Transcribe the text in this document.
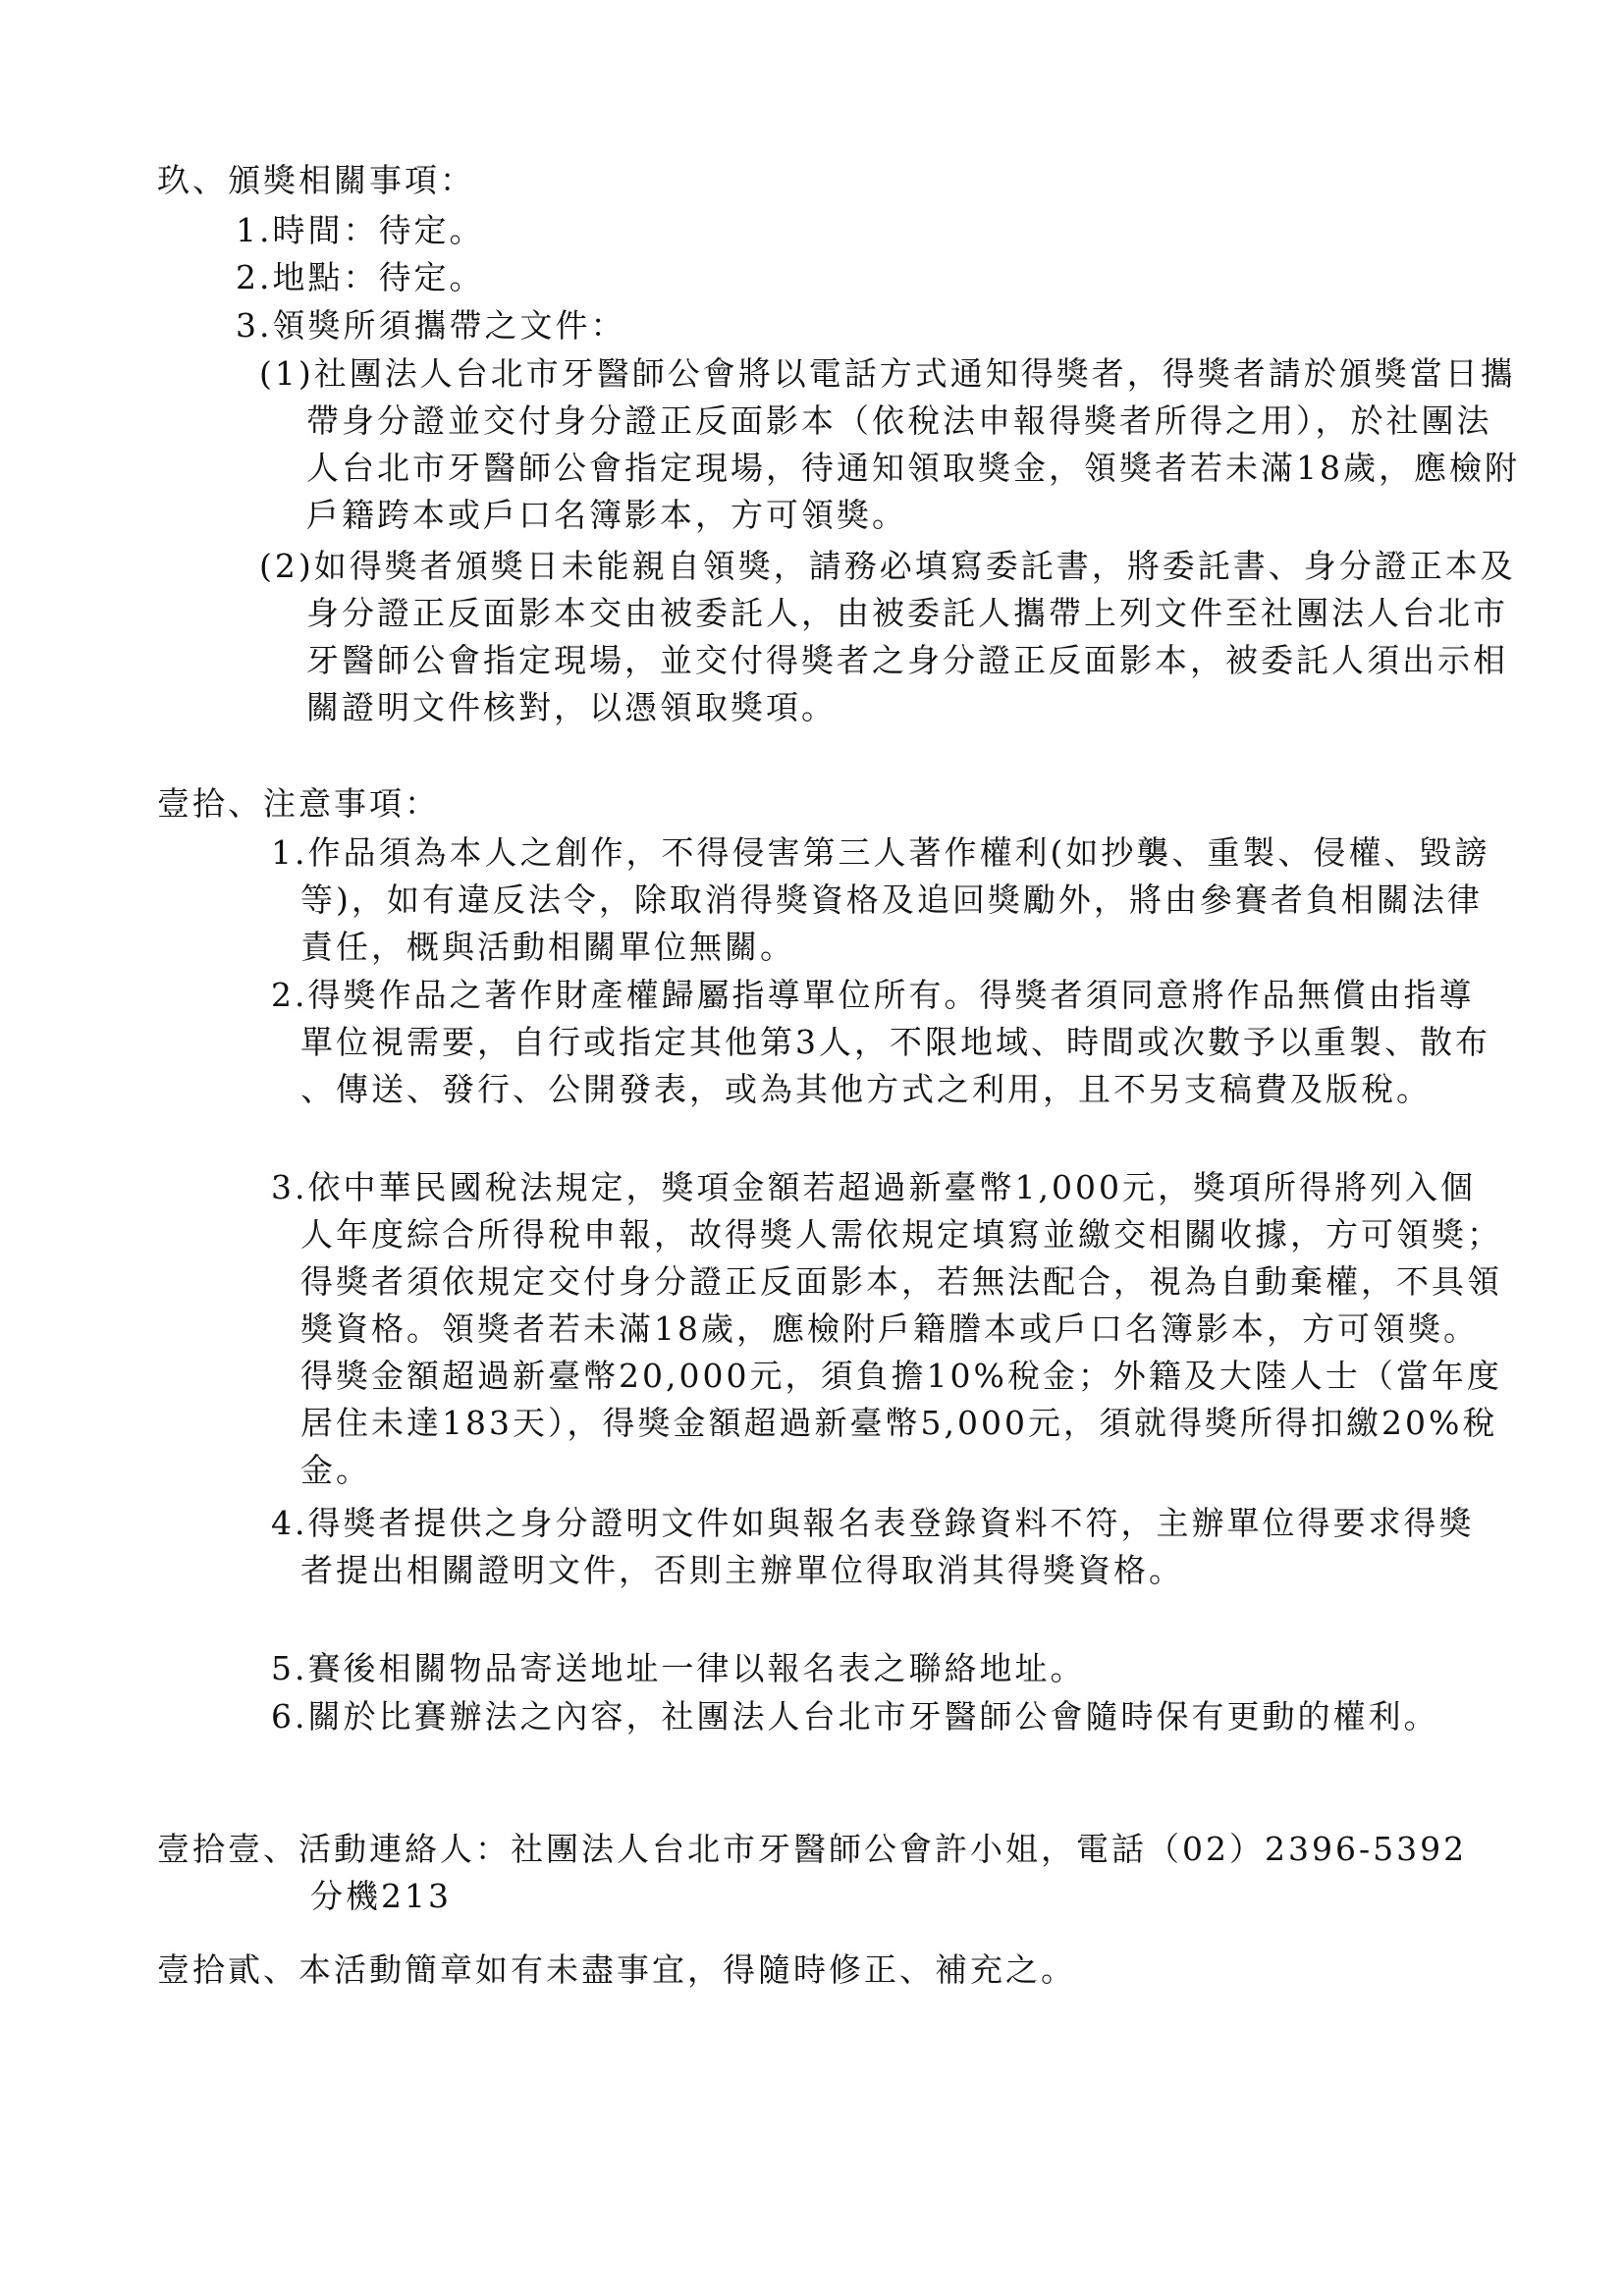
玖、頒獎相關事項：
1.時間：待定。
2.地點：待定。
3.領獎所須攜帶之文件：
(1)社團法人台北市牙醫師公會將以電話方式通知得獎者，得獎者請於頒獎當日攜帶身分證並交付身分證正反面影本（依稅法申報得獎者所得之用），於社團法人台北市牙醫師公會指定現場，待通知領取獎金，領獎者若未滿18歲，應檢附戶籍跨本或戶口名簿影本，方可領獎。
(2)如得獎者頒獎日未能親自領獎，請務必填寫委託書，將委託書、身分證正本及身分證正反面影本交由被委託人，由被委託人攜帶上列文件至社團法人台北市牙醫師公會指定現場，並交付得獎者之身分證正反面影本，被委託人須出示相關證明文件核對，以憑領取獎項。
壹拾、注意事項：
1.作品須為本人之創作，不得侵害第三人著作權利(如抄襲、重製、侵權、毀謗等)，如有違反法令，除取消得獎資格及追回獎勵外，將由參賽者負相關法律責任，概與活動相關單位無關。
2.得獎作品之著作財產權歸屬指導單位所有。得獎者須同意將作品無償由指導單位視需要，自行或指定其他第3人，不限地域、時間或次數予以重製、散布、傳送、發行、公開發表，或為其他方式之利用，且不另支稿費及版稅。
3.依中華民國稅法規定，獎項金額若超過新臺幣1,000元，獎項所得將列入個人年度綜合所得稅申報，故得獎人需依規定填寫並繳交相關收據，方可領獎；得獎者須依規定交付身分證正反面影本，若無法配合，視為自動棄權，不具領獎資格。領獎者若未滿18歲，應檢附戶籍謄本或戶口名簿影本，方可領獎。得獎金額超過新臺幣20,000元，須負擔10%稅金；外籍及大陸人士（當年度居住未達183天），得獎金額超過新臺幣5,000元，須就得獎所得扣繳20%稅金。
4.得獎者提供之身分證明文件如與報名表登錄資料不符，主辦單位得要求得獎者提出相關證明文件，否則主辦單位得取消其得獎資格。
5.賽後相關物品寄送地址一律以報名表之聯絡地址。
6.關於比賽辦法之內容，社團法人台北市牙醫師公會隨時保有更動的權利。
壹拾壹、活動連絡人：社團法人台北市牙醫師公會許小姐，電話（02）2396-5392
分機213
壹拾貳、本活動簡章如有未盡事宜，得隨時修正、補充之。
